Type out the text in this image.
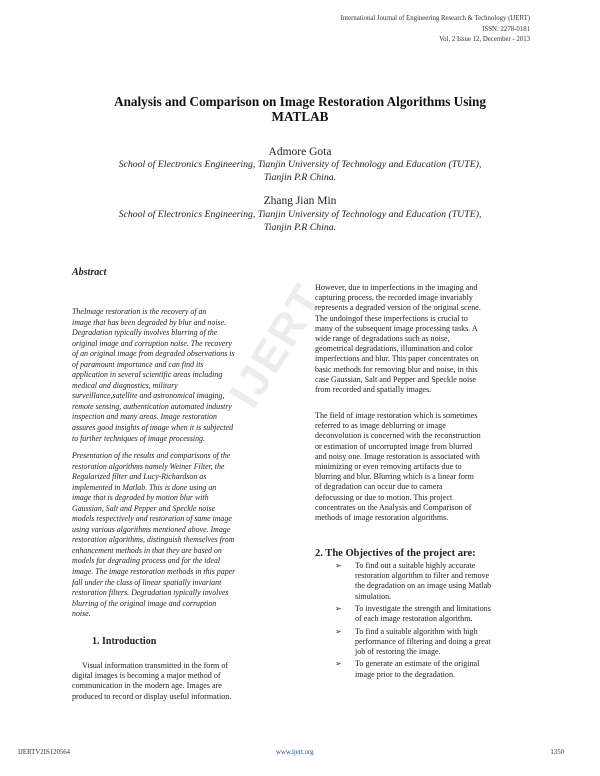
International Journal of Engineering Research & Technology (IJERT)
ISSN: 2278-0181
Vol. 2 Issue 12, December - 2013
IJERT
Analysis and Comparison on Image Restoration Algorithms Using
MATLAB
Admore Gota
School of Electronics Engineering, Tianjin University of Technology and Education (TUTE),
Tianjin P.R China.
Zhang Jian Min
School of Electronics Engineering, Tianjin University of Technology and Education (TUTE),
Tianjin P.R China.
Abstract
TheImage restoration is the recovery of an
image that has been degraded by blur and noise.
Degradation typically involves blurring of the
original image and corruption noise. The recovery
of an original image from degraded observations is
of paramount importance and can find its
application in several scientific areas including
medical and diagnostics, military
surveillance,satellite and astronomical imaging,
remote sensing, authentication automated industry
inspection and many areas. Image restoration
assures good insights of image when it is subjected
to further techniques of image processing.
Presentation of the results and comparisons of the
restoration algorithms namely Weiner Filter, the
Regularized filter and Lucy-Richardson as
implemented in Matlab. This is done using an
image that is degraded by motion blur with
Gaussian, Salt and Pepper and Speckle noise
models respectively and restoration of same image
using various algorithms mentioned above. Image
restoration algorithms, distinguish themselves from
enhancement methods in that they are based on
models for degrading process and for the ideal
image. The image restoration methods in this paper
fall under the class of linear spatially invariant
restoration filters. Degradation typically involves
blurring of the original image and corruption
noise.
1. Introduction
Visual information transmitted in the form of
digital images is becoming a major method of
communication in the modern age. Images are
produced to record or display useful information.
However, due to imperfections in the imaging and
capturing process, the recorded image invariably
represents a degraded version of the original scene.
The undoingof these imperfections is crucial to
many of the subsequent image processing tasks. A
wide range of degradations such as noise,
geometrical degradations, illumination and color
imperfections and blur. This paper concentrates on
basic methods for removing blur and noise, in this
case Gaussian, Salt and Pepper and Speckle noise
from recorded and spatially images.
The field of image restoration which is sometimes
referred to as image deblurring or image
deconvolution is concerned with the reconstruction
or estimation of uncorrupted image from blurred
and noisy one. Image restoration is associated with
minimizing or even removing artifacts due to
blurring and blur. Blurring which is a linear form
of degradation can occur due to camera
defocussing or due to motion. This project
concentrates on the Analysis and Comparison of
methods of image restoration algorithms.
2. The Objectives of the project are:
➢ To find out a suitable highly accurate
restoration algorithm to filter and remove
the degradation on an image using Matlab
simulation.
➢ To investigate the strength and limitations
of each image restoration algorithm.
➢ To find a suitable algorithm with high
performance of filtering and doing a great
job of restoring the image.
➢ To generate an estimate of the original
image prior to the degradation.
IJERTV2IS120564	www.ijert.org	1350
